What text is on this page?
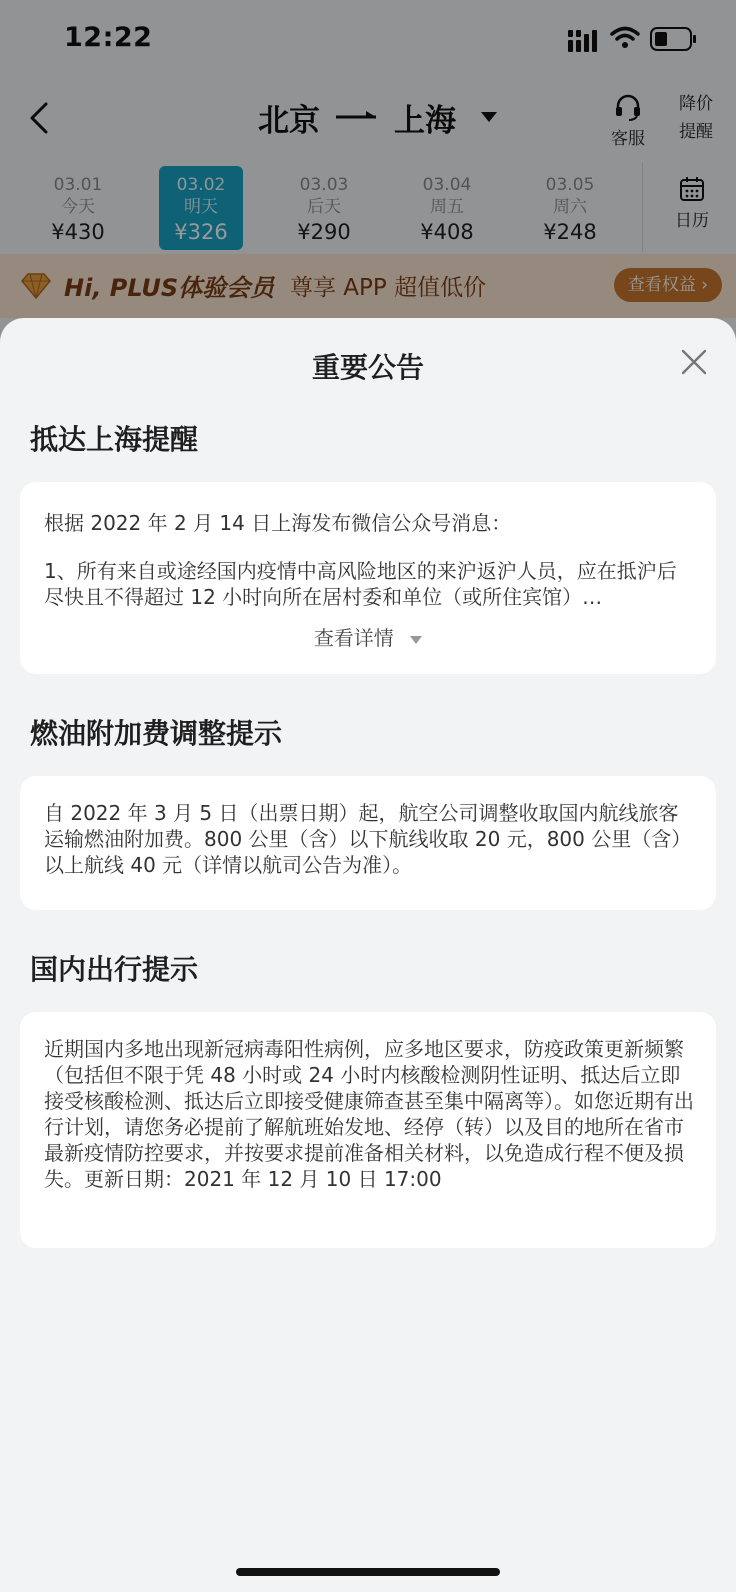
12:22
北京 上海
客服
降价
提醒
03.01
今天
¥430
03.02
明天
¥326
03.03
后天
¥290
03.04
周五
¥408
03.05
周六
¥248	日历
Hi, PLUS体验会员 尊享 APP 超值低价	查看权益 ›
重要公告
抵达上海提醒

根据 2022 年 2 月 14 日上海发布微信公众号消息：

1、所有来自或途经国内疫情中高风险地区的来沪返沪人员，应在抵沪后尽快且不得超过 12 小时向所在居村委和单位（或所住宾馆）…

查看详情
燃油附加费调整提示

自 2022 年 3 月 5 日（出票日期）起，航空公司调整收取国内航线旅客运输燃油附加费。800 公里（含）以下航线收取 20 元，800 公里（含）以上航线 40 元（详情以航司公告为准）。

国内出行提示

近期国内多地出现新冠病毒阳性病例，应多地区要求，防疫政策更新频繁（包括但不限于凭 48 小时或 24 小时内核酸检测阴性证明、抵达后立即接受核酸检测、抵达后立即接受健康筛查甚至集中隔离等）。如您近期有出行计划，请您务必提前了解航班始发地、经停（转）以及目的地所在省市最新疫情防控要求，并按要求提前准备相关材料，以免造成行程不便及损失。更新日期：2021 年 12 月 10 日 17:00
